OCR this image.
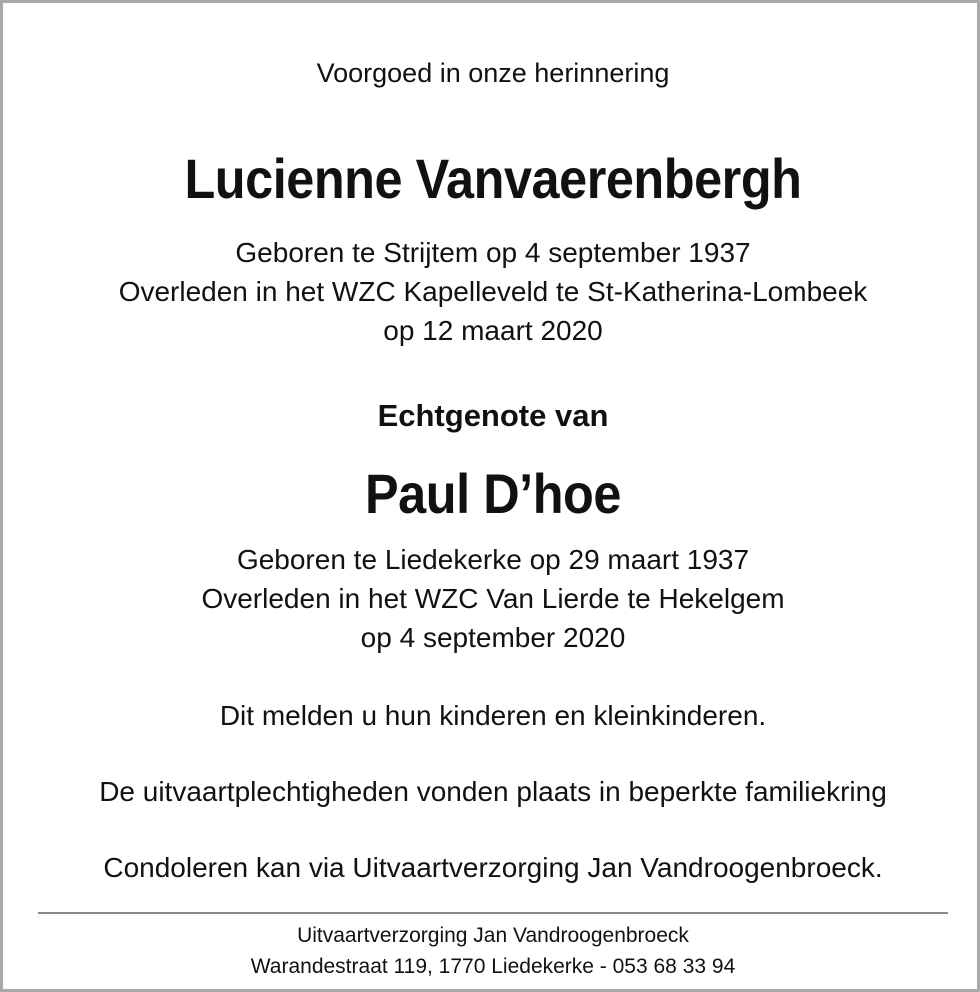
Voorgoed in onze herinnering

Lucienne Vanvaerenbergh

Geboren te Strijtem op 4 september 1937

Overleden in het WZC Kapelleveld te St-Katherina-Lombeek

op 12 maart 2020

Echtgenote van

Paul D’hoe

Geboren te Liedekerke op 29 maart 1937

Overleden in het WZC Van Lierde te Hekelgem

op 4 september 2020

Dit melden u hun kinderen en kleinkinderen.

De uitvaartplechtigheden vonden plaats in beperkte familiekring

Condoleren kan via Uitvaartverzorging Jan Vandroogenbroeck.

Uitvaartverzorging Jan Vandroogenbroeck

Warandestraat 119, 1770 Liedekerke - 053 68 33 94
